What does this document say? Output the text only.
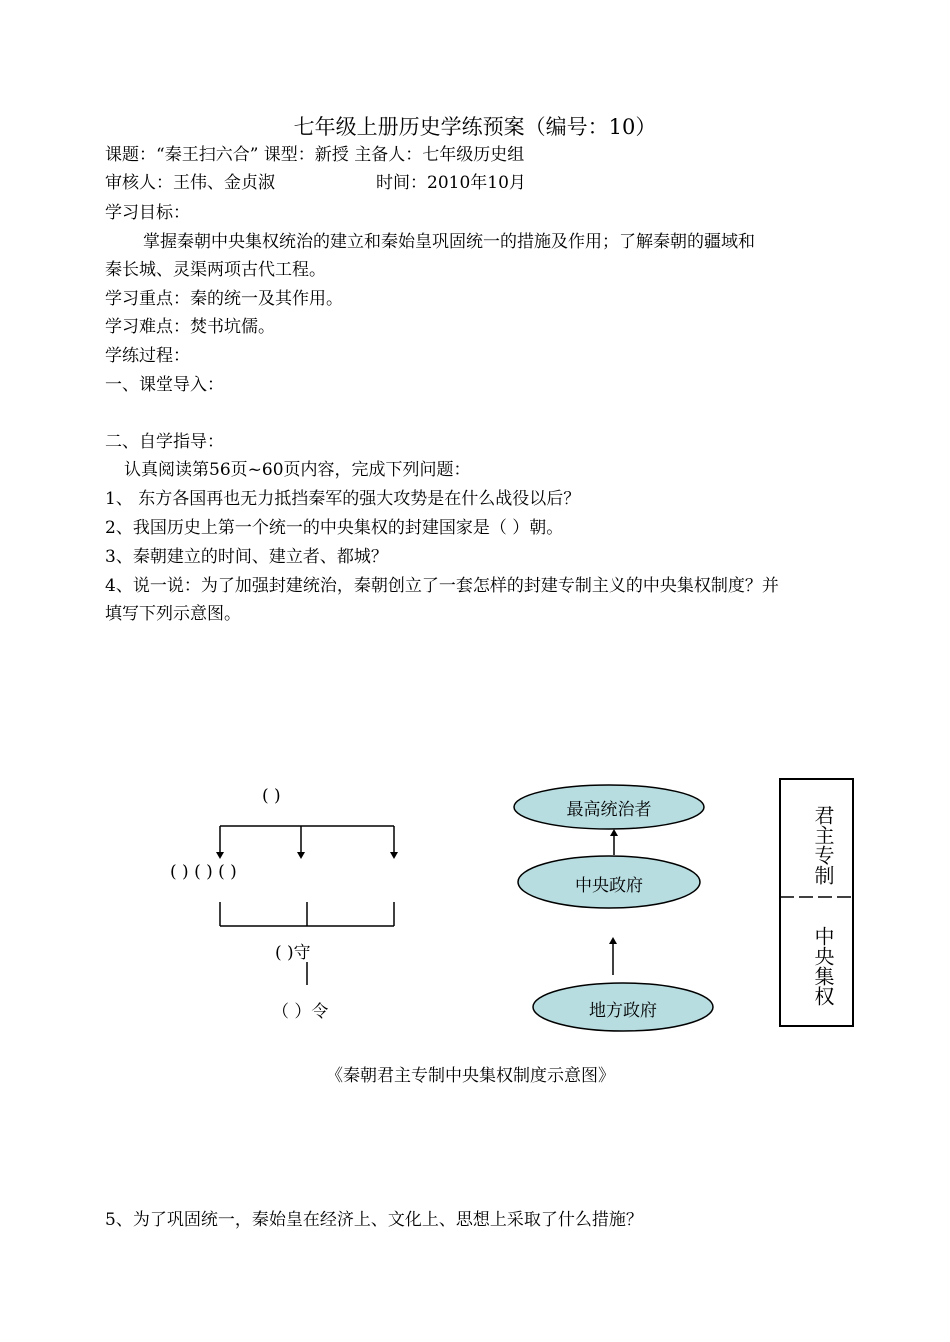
七年级上册历史学练预案（编号：10）
课题：“秦王扫六合” 课型：新授 主备人：七年级历史组
审核人：王伟、金贞淑	时间：2010年10月
学习目标：
掌握秦朝中央集权统治的建立和秦始皇巩固统一的措施及作用；了解秦朝的疆域和
秦长城、灵渠两项古代工程。
学习重点：秦的统一及其作用。
学习难点：焚书坑儒。
学练过程：
一、课堂导入：
二、自学指导：
认真阅读第56页~60页内容，完成下列问题：
1、 东方各国再也无力抵挡秦军的强大攻势是在什么战役以后？
2、我国历史上第一个统一的中央集权的封建国家是（ ）朝。
3、秦朝建立的时间、建立者、都城？
4、说一说：为了加强封建统治，秦朝创立了一套怎样的封建专制主义的中央集权制度？并
填写下列示意图。
( )
( ) ( ) ( )
( )守
（ ）令
最高统治者
中央政府
地方政府
君主专制
中央集权
《秦朝君主专制中央集权制度示意图》
5、为了巩固统一，秦始皇在经济上、文化上、思想上采取了什么措施？
